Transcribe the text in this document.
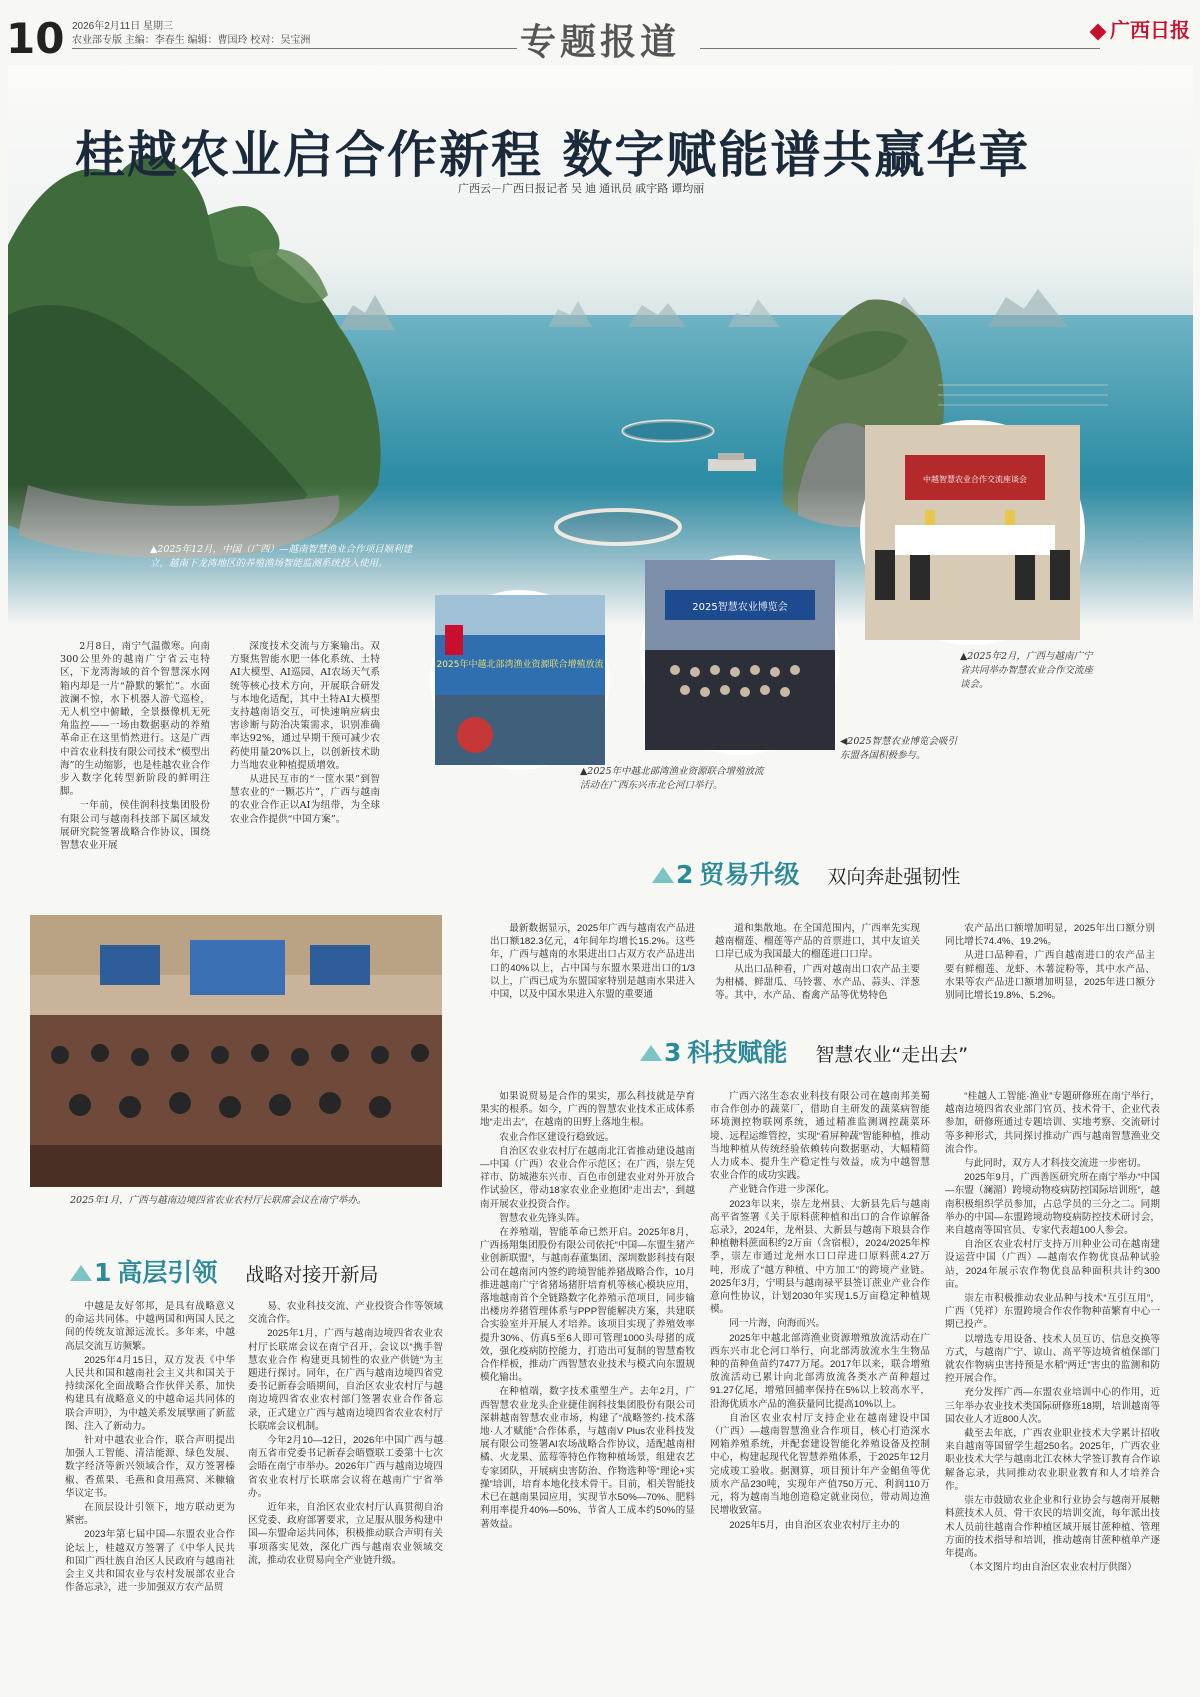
10 2026年2月11日 星期三
农业部专版 主编：李春生 编辑：曹国玲 校对：吴宝洲	专题报道	广西日报
桂越农业启合作新程 数字赋能谱共赢华章
广西云－广西日报记者 吴 迪 通讯员 戚宇路 谭均丽
▲2025年12月，中国（广西）—越南智慧渔业合作项目顺利建立，越南下龙湾地区的养殖渔场智能监测系统投入使用。
2025年中越北部湾渔业资源联合增殖放流
2025智慧农业博览会
中越智慧农业合作交流座谈会
▲2025年中越北部湾渔业资源联合增殖放流活动在广西东兴市北仑河口举行。
◀2025智慧农业博览会吸引东盟各国积极参与。
▲2025年2月，广西与越南广宁省共同举办智慧农业合作交流座谈会。

2月8日，南宁气温微寒。向南300公里外的越南广宁省云屯特区，下龙湾海域的首个智慧深水网箱内却是一片“静默的繁忙”。水面波澜不惊，水下机器人游弋巡检，无人机空中俯瞰，全景摄像机无死角监控——一场由数据驱动的养殖革命正在这里悄然进行。这是广西中首农业科技有限公司技术“模型出海”的生动缩影，也是桂越农业合作步入数字化转型新阶段的鲜明注脚。

一年前，侯佳润科技集团股份有限公司与越南科技部下属区域发展研究院签署战略合作协议，围绕智慧农业开展

深度技术交流与方案输出。双方聚焦智能水肥一体化系统、土特AI大模型、AI巡园、AI农场天气系统等核心技术方向，开展联合研发与本地化适配，其中土特AI大模型支持越南语交互，可快速响应病虫害诊断与防治决策需求，识别准确率达92%，通过早期干预可减少农药使用量20%以上，以创新技术助力当地农业种植提质增效。

从进民互市的“一筐水果”到智慧农业的“一颗芯片”，广西与越南的农业合作正以AI为纽带，为全球农业合作提供“中国方案”。

2 贸易升级 双向奔赴强韧性
2025年1月，广西与越南边境四省农业农村厅长联席会议在南宁举办。

最新数据显示，2025年广西与越南农产品进出口额182.3亿元，4年间年均增长15.2%。这些年，广西与越南的水果进出口占双方农产品进出口的40%以上，占中国与东盟水果进出口的1/3以上，广西已成为东盟国家特别是越南水果进入中国，以及中国水果进入东盟的重要通

道和集散地。在全国范围内，广西率先实现越南榴莲、榴莲等产品的首票进口，其中友谊关口岸已成为我国最大的榴莲进口口岸。

从出口品种看，广西对越南出口农产品主要为柑橘、鲜甜瓜、马铃薯、水产品、蒜头、洋葱等。其中，水产品、畜禽产品等优势特色

农产品出口额增加明显，2025年出口额分别同比增长74.4%、19.2%。

从进口品种看，广西自越南进口的农产品主要有鲜榴莲、龙虾、木薯淀粉等，其中水产品、水果等农产品进口额增加明显，2025年进口额分别同比增长19.8%、5.2%。

3 科技赋能 智慧农业“走出去”
1 高层引领 战略对接开新局

中越是友好邻邦，是具有战略意义的命运共同体。中越两国和两国人民之间的传统友谊源远流长。多年来，中越高层交流互访频繁。

2025年4月15日，双方发表《中华人民共和国和越南社会主义共和国关于持续深化全面战略合作伙伴关系、加快构建具有战略意义的中越命运共同体的联合声明》，为中越关系发展擘画了新蓝图、注入了新动力。

针对中越农业合作，联合声明提出加强人工智能、清洁能源、绿色发展、数字经济等新兴领域合作，双方签署榛椒、香蕉果、毛燕和食用燕窝、米糠输华议定书。

在顶层设计引领下，地方联动更为紧密。

2023年第七届中国—东盟农业合作论坛上，桂越双方签署了《中华人民共和国广西壮族自治区人民政府与越南社会主义共和国农业与农村发展部农业合作备忘录》，进一步加强双方农产品贸

易、农业科技交流、产业投资合作等领域交流合作。

2025年1月，广西与越南边境四省农业农村厅长联席会议在南宁召开，会议以“携手智慧农业合作 构建更具韧性的农业产供链”为主题进行探讨。同年，在广西与越南边境四省党委书记新春会晤期间，自治区农业农村厅与越南边境四省农业农村部门签署农业合作备忘录，正式建立广西与越南边境四省农业农村厅长联席会议机制。

今年2月10—12日，2026年中国广西与越南五省市党委书记新春会晤暨联工委第十七次会晤在南宁市举办。2026年广西与越南边境四省农业农村厅长联席会议将在越南广宁省举办。

近年来，自治区农业农村厅认真贯彻自治区党委、政府部署要求，立足服从服务构建中国—东盟命运共同体，积极推动联合声明有关事项落实见效，深化广西与越南农业领域交流，推动农业贸易向全产业链升级。

如果说贸易是合作的果实，那么科技就是孕育果实的根系。如今，广西的智慧农业技术正成体系地“走出去”，在越南的田野上落地生根。

农业合作区建设行稳致远。

自治区农业农村厅在越南北江省推动建设越南—中国（广西）农业合作示范区；在广西，崇左凭祥市、防城港东兴市、百色市创建农业对外开放合作试验区，带动18家农业企业抱团“走出去”，到越南开展农业投资合作。

智慧农业先锋头阵。

在养殖端，智能革命已然开启。2025年8月，广西扬翔集团股份有限公司依托“中国—东盟生猪产业创新联盟”，与越南春董集团、深圳数影科技有限公司在越南河内签约跨境智能养猪战略合作，10月推进越南广宁省猪场猪肝培育机等核心模块应用，落地越南首个全链路数字化养殖示范项目，同步输出楼房养猪管理体系与PPP智能解决方案，共建联合实验室并开展人才培养。该项目实现了养殖效率提升30%、仿真5至6人即可管理1000头母猪的成效，强化疫病防控能力，打造出可复制的智慧畜牧合作样板，推动广西智慧农业技术与模式向东盟规模化输出。

在种植端，数字技术重塑生产。去年2月，广西智慧农业龙头企业捷佳润科技集团股份有限公司深耕越南智慧农业市场，构建了“战略签约·技术落地·人才赋能”合作体系，与越南V Plus农业科技发展有限公司签署AI农场战略合作协议，适配越南柑橘、火龙果、蓝莓等特色作物种植场景，组建农艺专家团队，开展病虫害防治、作物选种等“理论+实操”培训，培育本地化技术骨干。目前，相关智能技术已在越南果园应用，实现节水50%—70%、肥料利用率提升40%—50%、节省人工成本约50%的显著效益。

广西六洺生态农业科技有限公司在越南邦美蜀市合作创办的蔬菜厂，借助自主研发的蔬菜病智能环境测控物联网系统，通过精准监测调控蔬菜环境、远程运维管控，实现“看屏种蔬”智能种植，推动当地种植从传统经验依赖转向数据驱动，大幅精简人力成本、提升生产稳定性与效益，成为中越智慧农业合作的成功实践。

产业链合作进一步深化。

2023年以来，崇左龙州县、大新县先后与越南高平省签署《关于原料蔗种植和出口的合作谅解备忘录》，2024年，龙州县、大新县与越南下琅县合作种植糖料蔗面积约2万亩（含宿根），2024/2025年榨季，崇左市通过龙州水口口岸进口原料蔗4.27万吨，形成了“越方种植、中方加工”的跨境产业链。2025年3月，宁明县与越南禄平县签订蔗业产业合作意向性协议，计划2030年实现1.5万亩稳定种植规模。

同一片海，向海而兴。

2025年中越北部湾渔业资源增殖放流活动在广西东兴市北仑河口举行，向北部湾放流水生生物品种的苗种鱼苗约7477万尾。2017年以来，联合增殖放流活动已累计向北部湾放流各类水产苗种超过91.27亿尾，增殖回捕率保持在5%以上较高水平，沿海优质水产品的渔获量同比提高10%以上。

自治区农业农村厅支持企业在越南建设中国（广西）—越南智慧渔业合作项目，核心打造深水网箱养殖系统，并配套建设智能化养殖设备及控制中心，构建起现代化智慧养殖体系，于2025年12月完成竣工验收。据测算，项目预计年产金鲳鱼等优质水产品230吨，实现年产值750万元、利润110万元，将为越南当地创造稳定就业岗位，带动周边渔民增收致富。

2025年5月，由自治区农业农村厅主办的

“桂越人工智能·渔业”专题研修班在南宁举行，越南边境四省农业部门官员、技术骨干、企业代表参加，研修班通过专题培训、实地考察、交流研讨等多种形式，共同探讨推动广西与越南智慧渔业交流合作。

与此同时，双方人才科技交流进一步密切。

2025年9月，广西善医研究所在南宁举办“中国—东盟（澜湄）跨境动物疫病防控国际培训班”，越南积极组织学员参加，占总学员的三分之二。同期举办的中国—东盟跨境动物疫病防控技术研讨会，来自越南等国官员、专家代表超100人参会。

自治区农业农村厅支持万川种业公司在越南建设运营中国（广西）—越南农作物优良品种试验站，2024年展示农作物优良品种面积共计约300亩。

崇左市积极推动农业品种与技术“互引互用”，广西（凭祥）东盟跨境合作农作物种苗繁育中心一期已投产。

以增选专用设备、技术人员互访、信息交换等方式，与越南广宁、谅山、高平等边境省植保部门就农作物病虫害持预是水稻“两迁”害虫的监测和防控开展合作。

充分发挥广西—东盟农业培训中心的作用，近三年举办农业技术类国际研修班18期，培训越南等国农业人才近800人次。

截至去年底，广西农业职业技术大学累计招收来自越南等国留学生超250名。2025年，广西农业职业技术大学与越南北江农林大学签订教育合作谅解备忘录，共同推动农业职业教育和人才培养合作。

崇左市鼓励农业企业和行业协会与越南开展糖料蔗技术人员、骨干农民的培训交流，每年派出技术人员前往越南合作种植区域开展甘蔗种植、管理方面的技术指导和培训，推动越南甘蔗种植单产逐年提高。

（本文图片均由自治区农业农村厅供图）
